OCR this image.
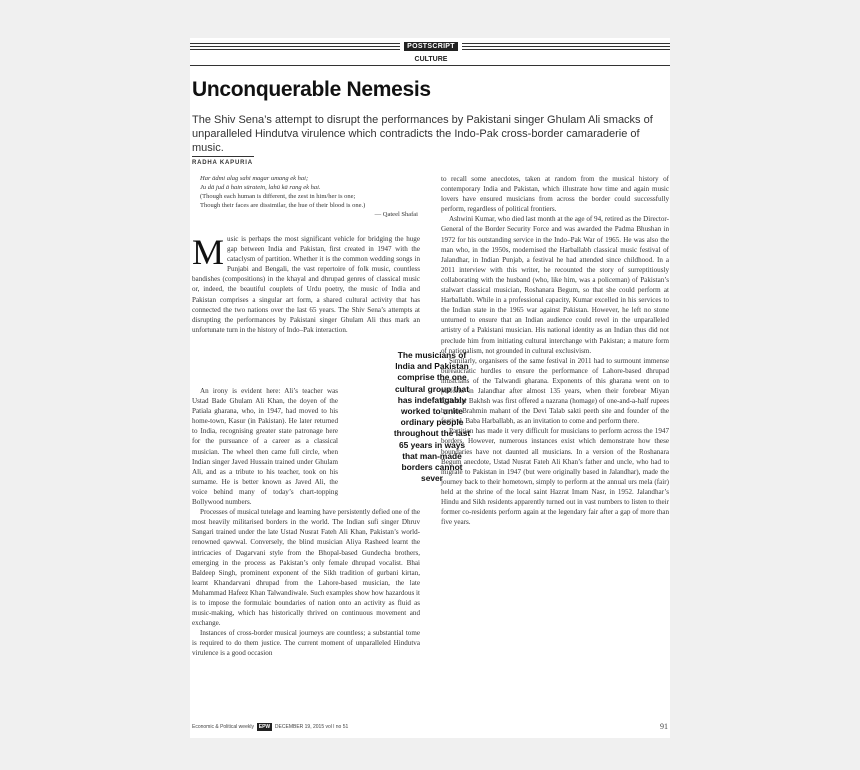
POSTSCRIPT
CULTURE
Unconquerable Nemesis
The Shiv Sena’s attempt to disrupt the performances by Pakistani singer Ghulam Ali smacks of unparalleled Hindutva virulence which contradicts the Indo-Pak cross-border camaraderie of music.
RADHA KAPURIA
Har ādmi alag sahi magar umang ek hai;
Ju dā jud ā hain sūratein, lahū kā rang ek hai.
(Though each human is different, the zest in him/her is one;
Though their faces are dissimilar, the hue of their blood is one.)
— Qateel Shafai

Music is perhaps the most significant vehicle for bridging the huge gap between India and Pakistan, first created in 1947 with the cataclysm of partition. Whether it is the common wedding songs in Punjabi and Bengali, the vast repertoire of folk music, countless bandishes (compositions) in the khayal and dhrupad genres of classical music or, indeed, the beautiful couplets of Urdu poetry, the music of India and Pakistan comprises a singular art form, a shared cultural activity that has connected the two nations over the last 65 years. The Shiv Sena’s attempts at disrupting the performances by Pakistani singer Ghulam Ali thus mark an unfortunate turn in the history of Indo–Pak interaction.

An irony is evident here: Ali’s teacher was Ustad Bade Ghulam Ali Khan, the doyen of the Patiala gharana, who, in 1947, had moved to his home-town, Kasur (in Pakistan). He later returned to India, recognising greater state patronage here for the pursuance of a career as a classical musician. The wheel then came full circle, when Indian singer Javed Hussain trained under Ghulam Ali, and as a tribute to his teacher, took on his surname. He is better known as Javed Ali, the voice behind many of today’s chart-topping Bollywood numbers.

Processes of musical tutelage and learning have persistently defied one of the most heavily militarised borders in the world. The Indian sufi singer Dhruv Sangari trained under the late Ustad Nusrat Fateh Ali Khan, Pakistan’s world-renowned qawwal. Conversely, the blind musician Aliya Rasheed learnt the intricacies of Dagarvani style from the Bhopal-based Gundecha brothers, emerging in the process as Pakistan’s only female dhrupad vocalist. Bhai Baldeep Singh, prominent exponent of the Sikh tradition of gurbani kirtan, learnt Khandarvani dhrupad from the Lahore-based musician, the late Muhammad Hafeez Khan Talwandiwale. Such examples show how hazardous it is to impose the formulaic boundaries of nation onto an activity as fluid as music-making, which has historically thrived on continuous movement and exchange.

Instances of cross-border musical journeys are countless; a substantial tome is required to do them justice. The current moment of unparalleled Hindutva virulence is a good occasion

The musicians of India and Pakistan comprise the one cultural group that has indefatigably worked to unite ordinary people throughout the last 65 years in ways that man-made borders cannot sever

to recall some anecdotes, taken at random from the musical history of contemporary India and Pakistan, which illustrate how time and again music lovers have ensured musicians from across the border could successfully perform, regardless of political frontiers.

Ashwini Kumar, who died last month at the age of 94, retired as the Director-General of the Border Security Force and was awarded the Padma Bhushan in 1972 for his outstanding service in the Indo–Pak War of 1965. He was also the man who, in the 1950s, modernised the Harballabh classical music festival of Jalandhar, in Indian Punjab, a festival he had attended since childhood. In a 2011 interview with this writer, he recounted the story of surreptitiously collaborating with the husband (who, like him, was a policeman) of Pakistan’s stalwart classical musician, Roshanara Begum, so that she could perform at Harballabh. While in a professional capacity, Kumar excelled in his services to the Indian state in the 1965 war against Pakistan. However, he left no stone unturned to ensure that an Indian audience could revel in the unparalleled artistry of a Pakistani musician. His national identity as an Indian thus did not preclude him from initiating cultural interchange with Pakistan; a mature form of nationalism, not grounded in cultural exclusivism.

Similarly, organisers of the same festival in 2011 had to surmount immense bureaucratic hurdles to ensure the performance of Lahore-based dhrupad musicians of the Talwandi gharana. Exponents of this gharana went on to perform in Jalandhar after almost 135 years, when their forebear Miyan Qalandar Bakhsh was first offered a nazrana (homage) of one-and-a-half rupees by the Brahmin mahant of the Devi Talab sakti peeth site and founder of the festival, Baba Harballabh, as an invitation to come and perform there.

Partition has made it very difficult for musicians to perform across the 1947 borders. However, numerous instances exist which demonstrate how these boundaries have not daunted all musicians. In a version of the Roshanara Begum anecdote, Ustad Nusrat Fateh Ali Khan’s father and uncle, who had to migrate to Pakistan in 1947 (but were originally based in Jalandhar), made the journey back to their hometown, simply to perform at the annual urs mela (fair) held at the shrine of the local saint Hazrat Imam Nasr, in 1952. Jalandhar’s Hindu and Sikh residents apparently turned out in vast numbers to listen to their former co-residents perform again at the legendary fair after a gap of more than five years.

Economic & Political weekly EPW DECEMBER 19, 2015 vol l no 51	91
